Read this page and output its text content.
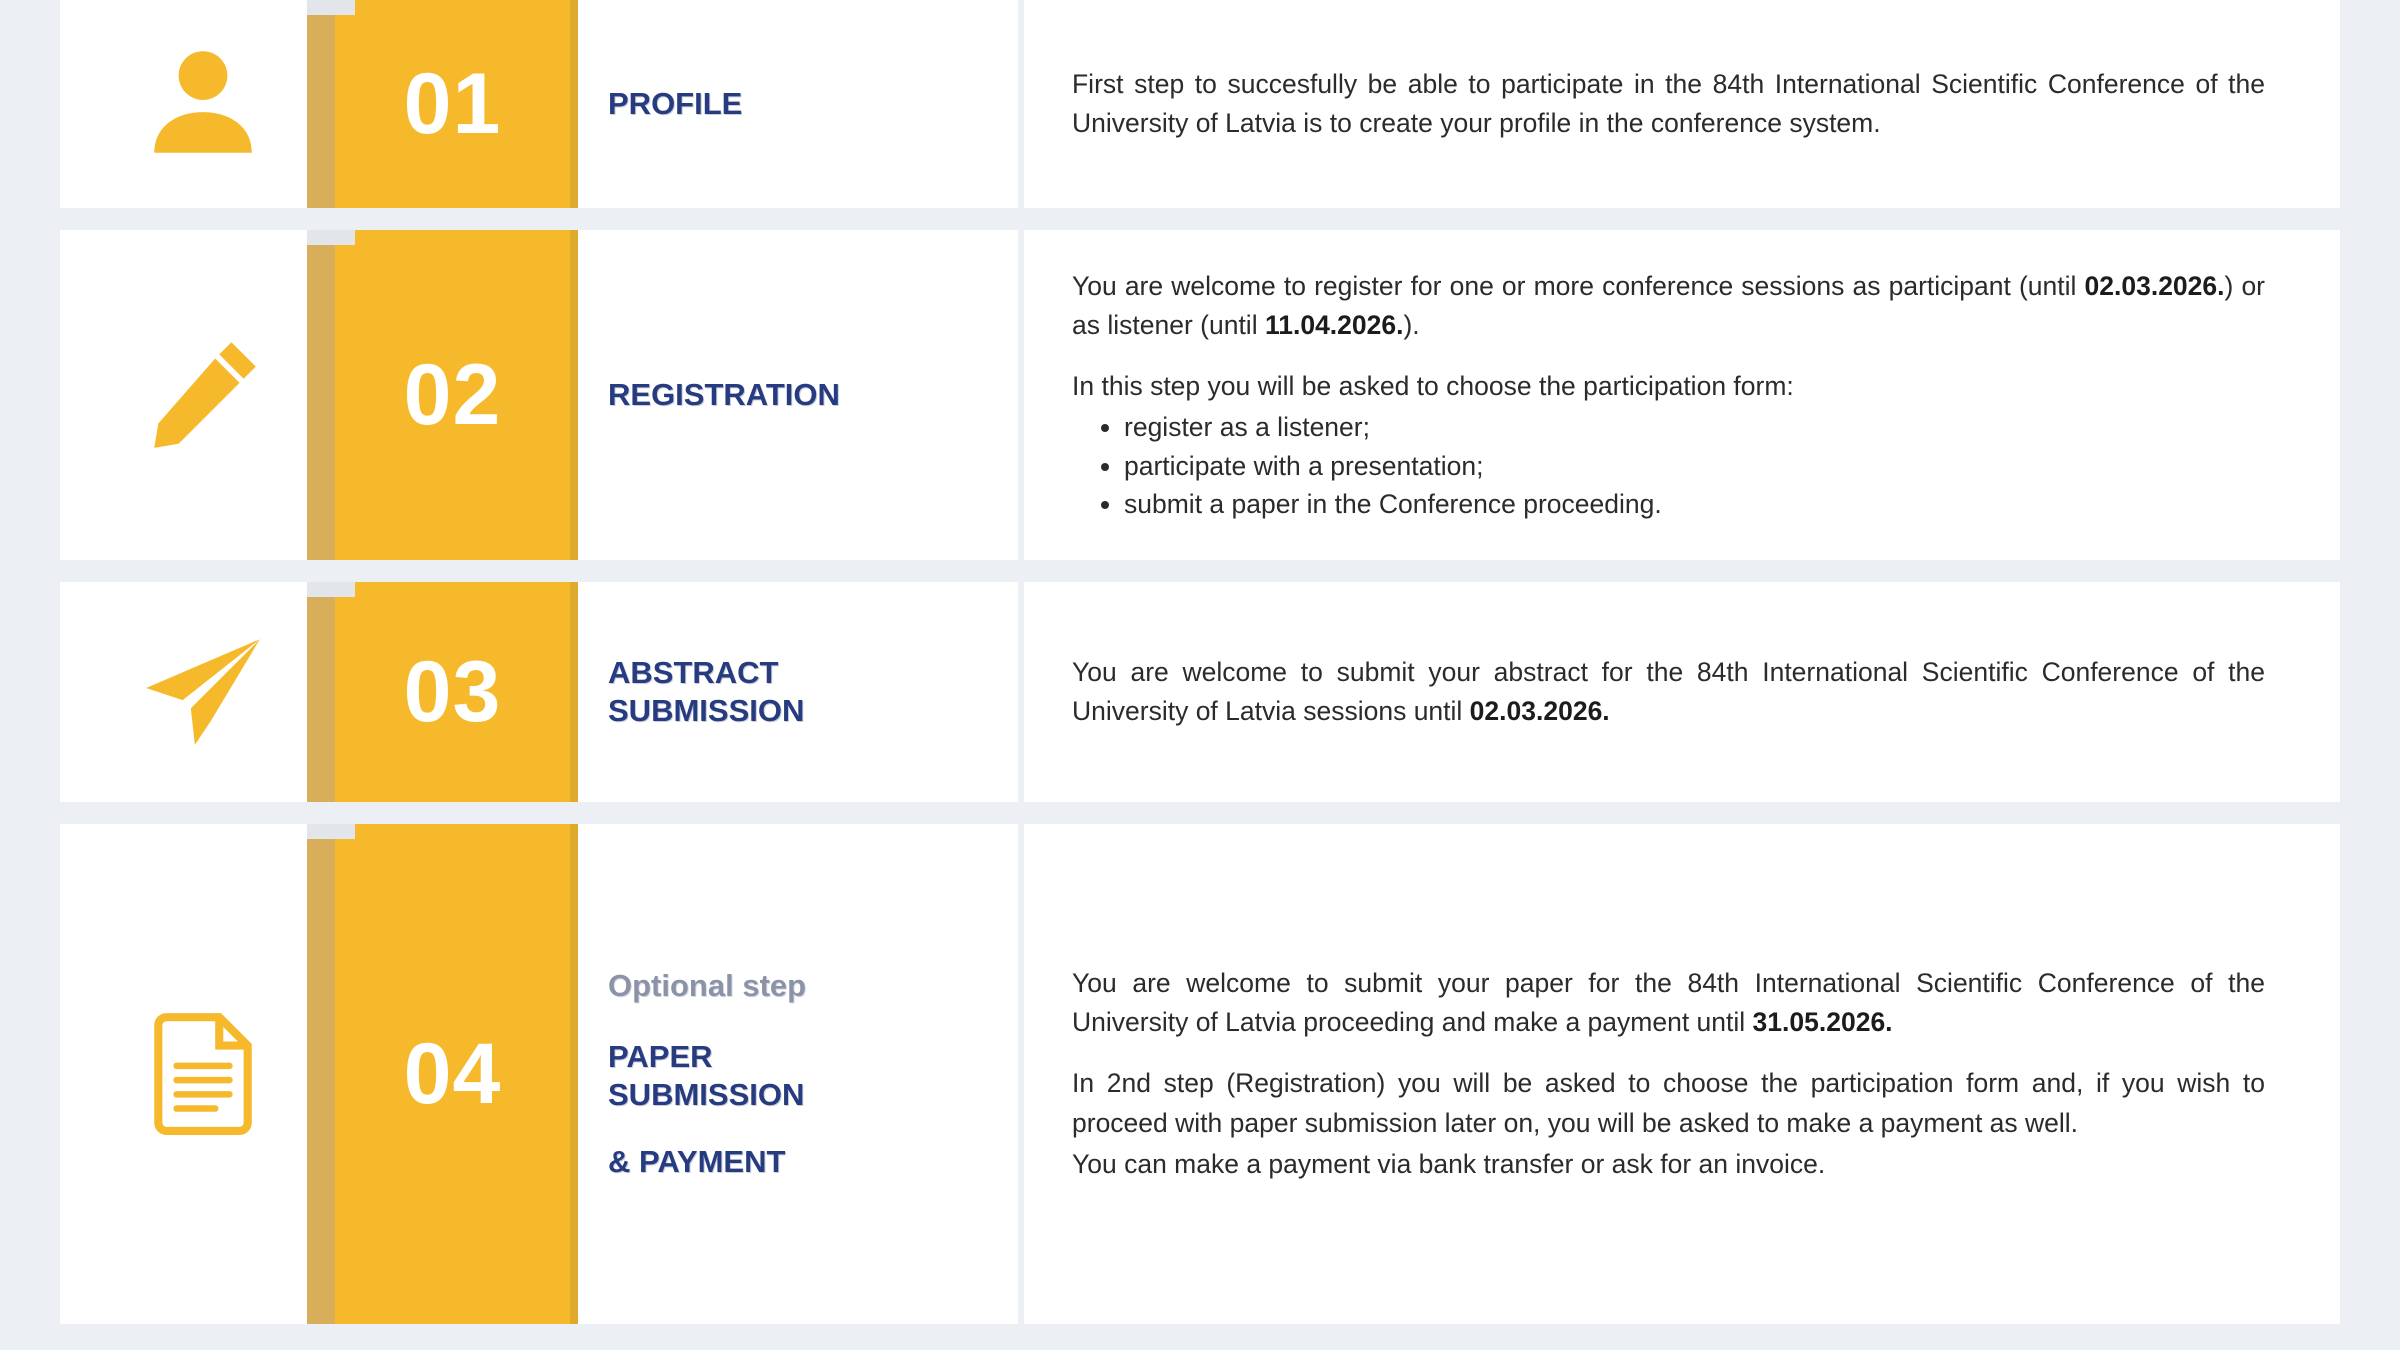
01	PROFILE

First step to succesfully be able to participate in the 84th International Scientific Conference of the University of Latvia is to create your profile in the conference system.

02	REGISTRATION

You are welcome to register for one or more conference sessions as participant (until 02.03.2026.) or as listener (until 11.04.2026.).

In this step you will be asked to choose the participation form:

• register as a listener;
• participate with a presentation;
• submit a paper in the Conference proceeding.
03	ABSTRACT
SUBMISSION

You are welcome to submit your abstract for the 84th International Scientific Conference of the University of Latvia sessions until 02.03.2026.

04
Optional step
PAPER
SUBMISSION
& PAYMENT

You are welcome to submit your paper for the 84th International Scientific Conference of the University of Latvia proceeding and make a payment until 31.05.2026.

In 2nd step (Registration) you will be asked to choose the participation form and, if you wish to proceed with paper submission later on, you will be asked to make a payment as well.

You can make a payment via bank transfer or ask for an invoice.
